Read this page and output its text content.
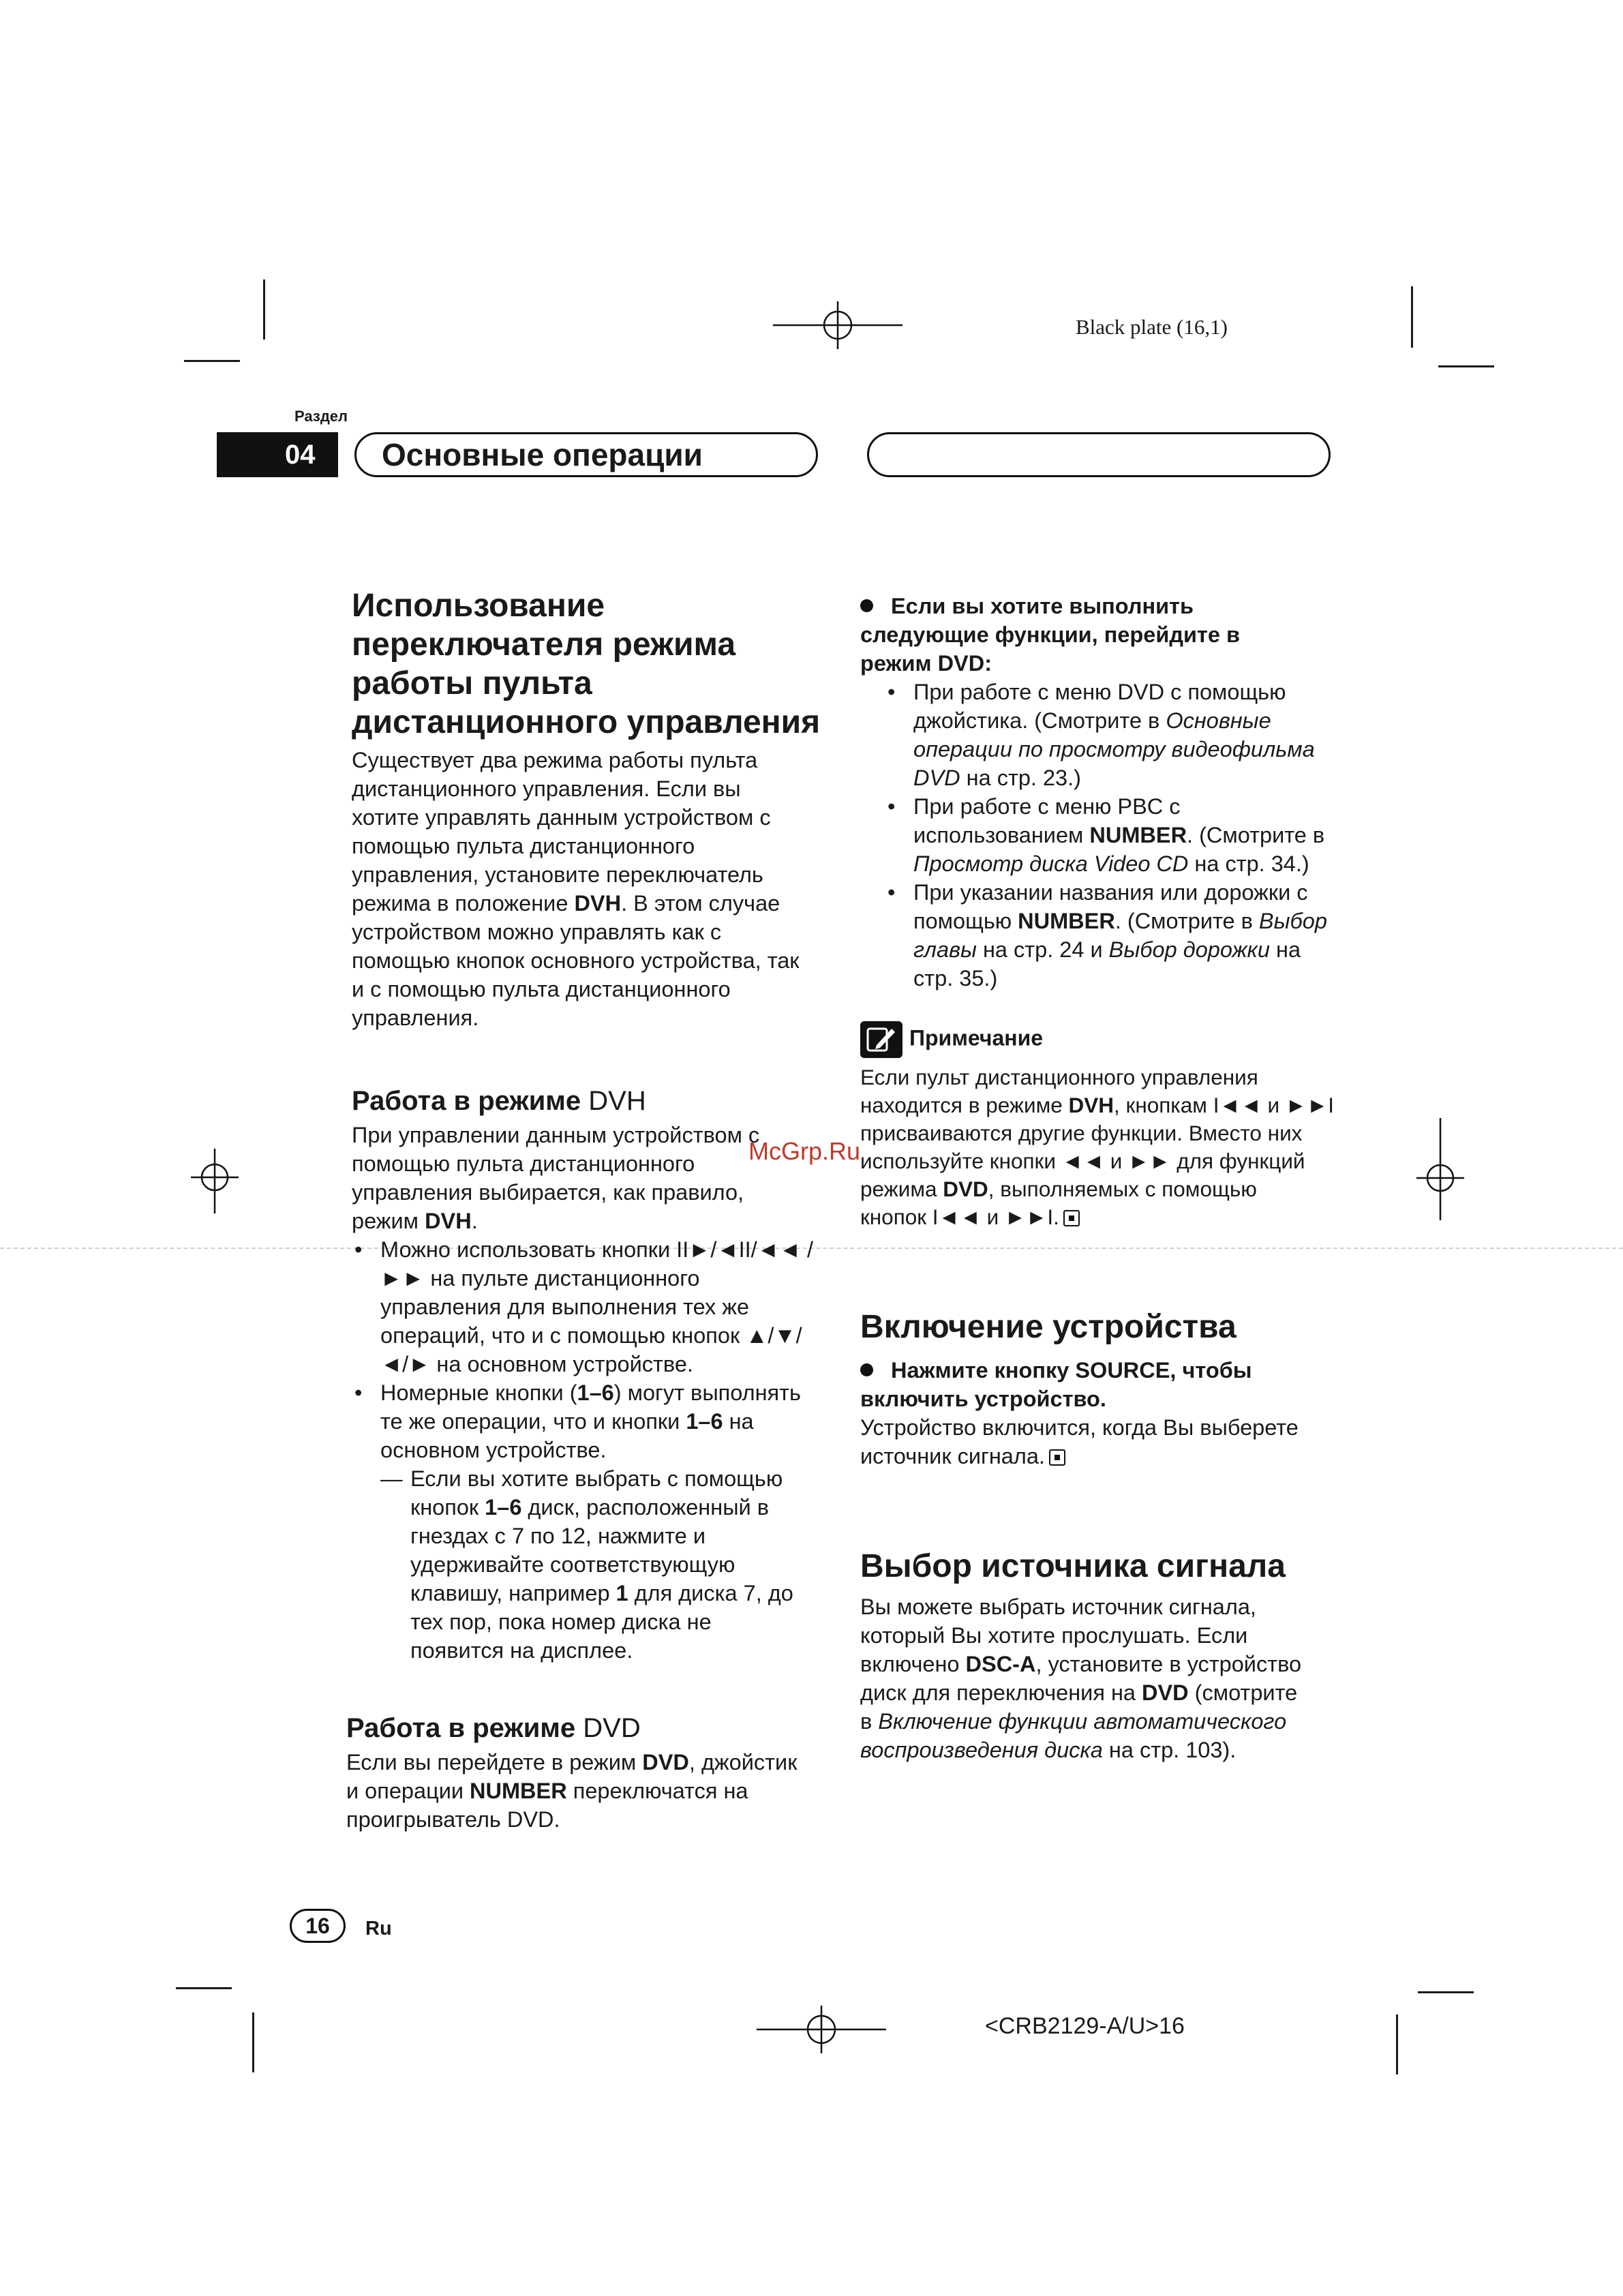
Black plate (16,1)
Раздел
04	Основные операции
McGrp.Ru
Использование
переключателя режима
работы пульта
дистанционного управления

Существует два режима работы пульта
дистанционного управления. Если вы
хотите управлять данным устройством с
помощью пульта дистанционного
управления, установите переключатель
режима в положение DVH. В этом случае
устройством можно управлять как с
помощью кнопок основного устройства, так
и с помощью пульта дистанционного
управления.

Работа в режиме DVH

При управлении данным устройством с
помощью пульта дистанционного
управления выбирается, как правило,
режим DVH.

• Можно использовать кнопки II►/◄II/◄◄ /
►► на пульте дистанционного
управления для выполнения тех же
операций, что и с помощью кнопок ▲/▼/
◄/► на основном устройстве.
• Номерные кнопки (1–6) могут выполнять
те же операции, что и кнопки 1–6 на
основном устройстве.
— Если вы хотите выбрать с помощью
кнопок 1–6 диск, расположенный в
гнездах с 7 по 12, нажмите и
удерживайте соответствующую
клавишу, например 1 для диска 7, до
тех пор, пока номер диска не
появится на дисплее.
Работа в режиме DVD

Если вы перейдете в режим DVD, джойстик
и операции NUMBER переключатся на
проигрыватель DVD.

Если вы хотите выполнить
следующие функции, перейдите в
режим DVD:

• При работе с меню DVD с помощью
джойстика. (Смотрите в Основные
операции по просмотру видеофильма
DVD на стр. 23.)
• При работе с меню PBC с
использованием NUMBER. (Смотрите в
Просмотр диска Video CD на стр. 34.)
• При указании названия или дорожки с
помощью NUMBER. (Смотрите в Выбор
главы на стр. 24 и Выбор дорожки на
стр. 35.)
Примечание

Если пульт дистанционного управления
находится в режиме DVH, кнопкам I◄◄ и ►►I
присваиваются другие функции. Вместо них
используйте кнопки ◄◄ и ►► для функций
режима DVD, выполняемых с помощью
кнопок I◄◄ и ►►I.

Включение устройства

Нажмите кнопку SOURCE, чтобы
включить устройство.

Устройство включится, когда Вы выберете
источник сигнала.

Выбор источника сигнала

Вы можете выбрать источник сигнала,
который Вы хотите прослушать. Если
включено DSC-A, установите в устройство
диск для переключения на DVD (смотрите
в Включение функции автоматического
воспроизведения диска на стр. 103).

16	Ru
<CRB2129-A/U>16
